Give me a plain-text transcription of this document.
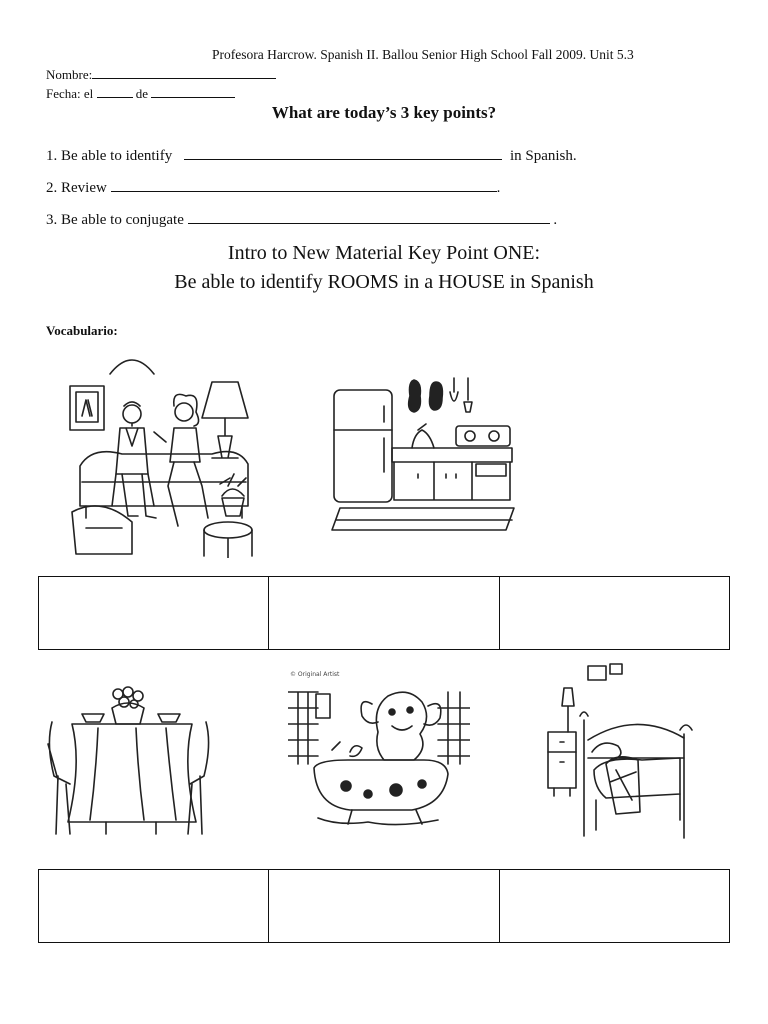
Profesora Harcrow. Spanish II. Ballou Senior High School Fall 2009. Unit 5.3
Nombre:
Fecha: el	de
What are today’s 3 key points?
1. Be able to identify	in Spanish.
2. Review	.
3. Be able to conjugate	.
Intro to New Material Key Point ONE:
Be able to identify ROOMS in a HOUSE in Spanish
Vocabulario:
© Original Artist
